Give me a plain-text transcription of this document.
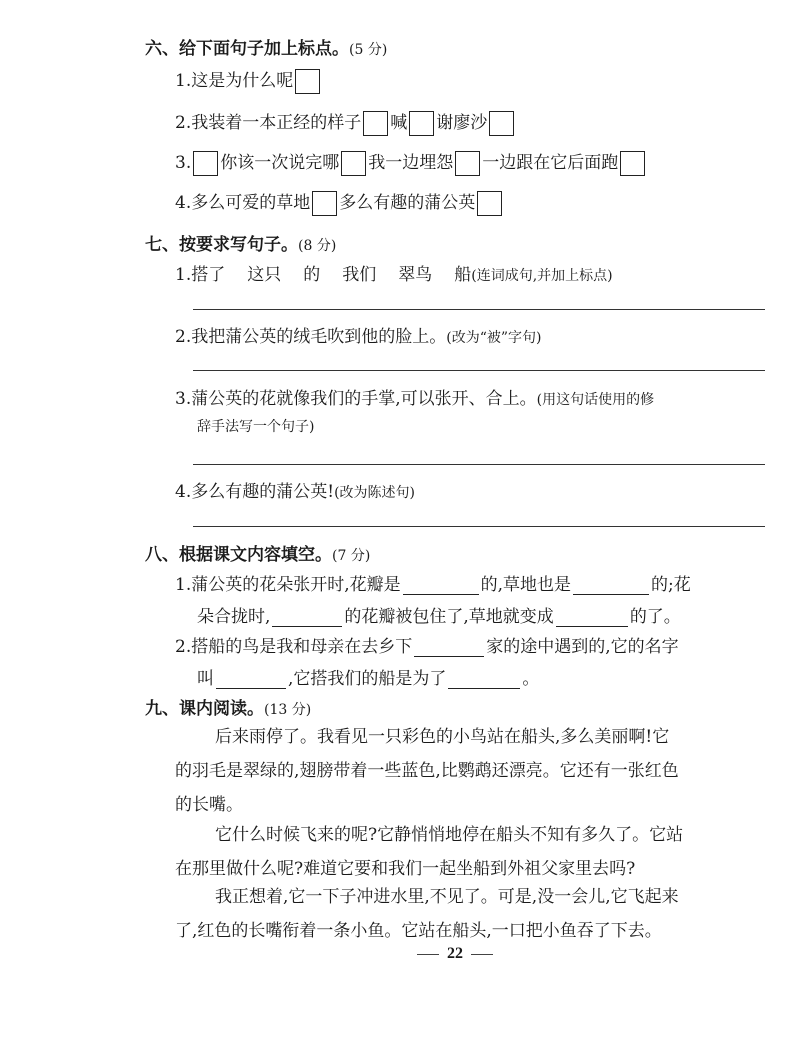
六、给下面句子加上标点。(5 分)
1.这是为什么呢
2.我装着一本正经的样子 喊 谢廖沙
3. 你该一次说完哪 我一边埋怨 一边跟在它后面跑
4.多么可爱的草地 多么有趣的蒲公英
七、按要求写句子。(8 分)
1.搭了 这只 的 我们 翠鸟 船(连词成句,并加上标点)
2.我把蒲公英的绒毛吹到他的脸上。(改为“被”字句)
3.蒲公英的花就像我们的手掌,可以张开、合上。(用这句话使用的修
辞手法写一个句子)
4.多么有趣的蒲公英!(改为陈述句)
八、根据课文内容填空。(7 分)
1.蒲公英的花朵张开时,花瓣是	的,草地也是	的;花
朵合拢时,	的花瓣被包住了,草地就变成	的了。
2.搭船的鸟是我和母亲在去乡下	家的途中遇到的,它的名字
叫	,它搭我们的船是为了	。
九、课内阅读。(13 分)
后来雨停了。我看见一只彩色的小鸟站在船头,多么美丽啊!它
的羽毛是翠绿的,翅膀带着一些蓝色,比鹦鹉还漂亮。它还有一张红色
的长嘴。
它什么时候飞来的呢?它静悄悄地停在船头不知有多久了。它站
在那里做什么呢?难道它要和我们一起坐船到外祖父家里去吗?
我正想着,它一下子冲进水里,不见了。可是,没一会儿,它飞起来
了,红色的长嘴衔着一条小鱼。它站在船头,一口把小鱼吞了下去。
22
